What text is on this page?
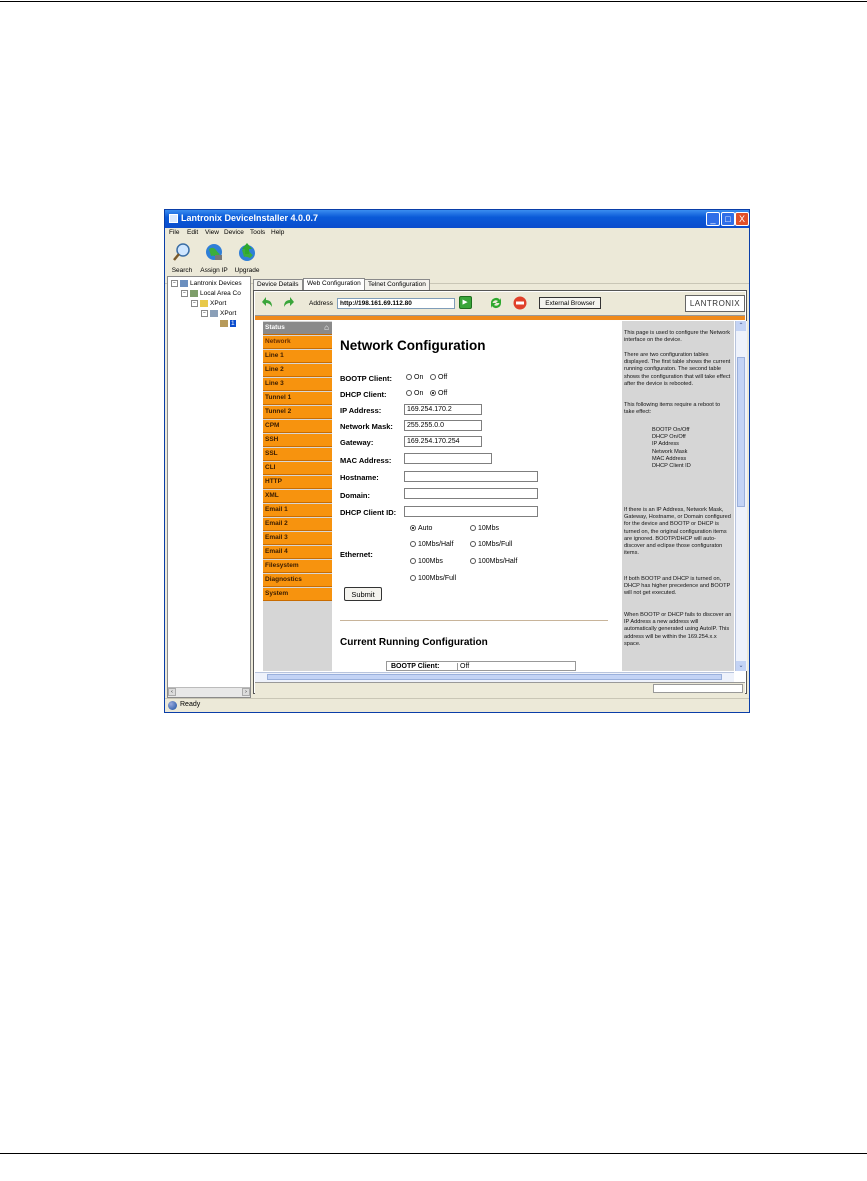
Lantronix DeviceInstaller 4.0.0.7	_	□ X
File Edit View Device Tools Help
Search	Assign IP Upgrade
− Lantronix Devices
− Local Area Co
− XPort
− XPort
1
‹	›
Device Details	Web Configuration	Telnet Configuration
Address	http://198.161.69.112.80	External Browser	LANTRONIX
Status	⌂
Network
Line 1
Line 2
Line 3
Tunnel 1
Tunnel 2
CPM
SSH
SSL
CLI
HTTP
XML
Email 1
Email 2
Email 3
Email 4
Filesystem
Diagnostics
System
Network Configuration
BOOTP Client:	On	Off
DHCP Client:	On	Off
IP Address:	169.254.170.2
Network Mask:	255.255.0.0
Gateway:	169.254.170.254
MAC Address:
Hostname:
Domain:
DHCP Client ID:
Ethernet:
Auto	10Mbs
10Mbs/Half	10Mbs/Full
100Mbs	100Mbs/Half
100Mbs/Full
Submit
Current Running Configuration
BOOTP Client:	Off
This page is used to configure the Network interface on the device.
There are two configuration tables displayed. The first table shows the current running configuraton. The second table shows the configuration that will take effect after the device is rebooted.
This following items require a reboot to take effect:
BOOTP On/Off
DHCP On/Off
IP Address
Network Mask
MAC Address
DHCP Client ID
If there is an IP Address, Network Mask, Gateway, Hostname, or Domain configured for the device and BOOTP or DHCP is turned on, the original configuration items are ignored. BOOTP/DHCP will auto-discover and eclipse those configuraton items.
If both BOOTP and DHCP is turned on, DHCP has higher precedence and BOOTP will not get executed.
When BOOTP or DHCP fails to discover an IP Address a new address will automatically generated using AutoIP. This address will be within the 169.254.x.x space.
⌃
⌄
Ready
